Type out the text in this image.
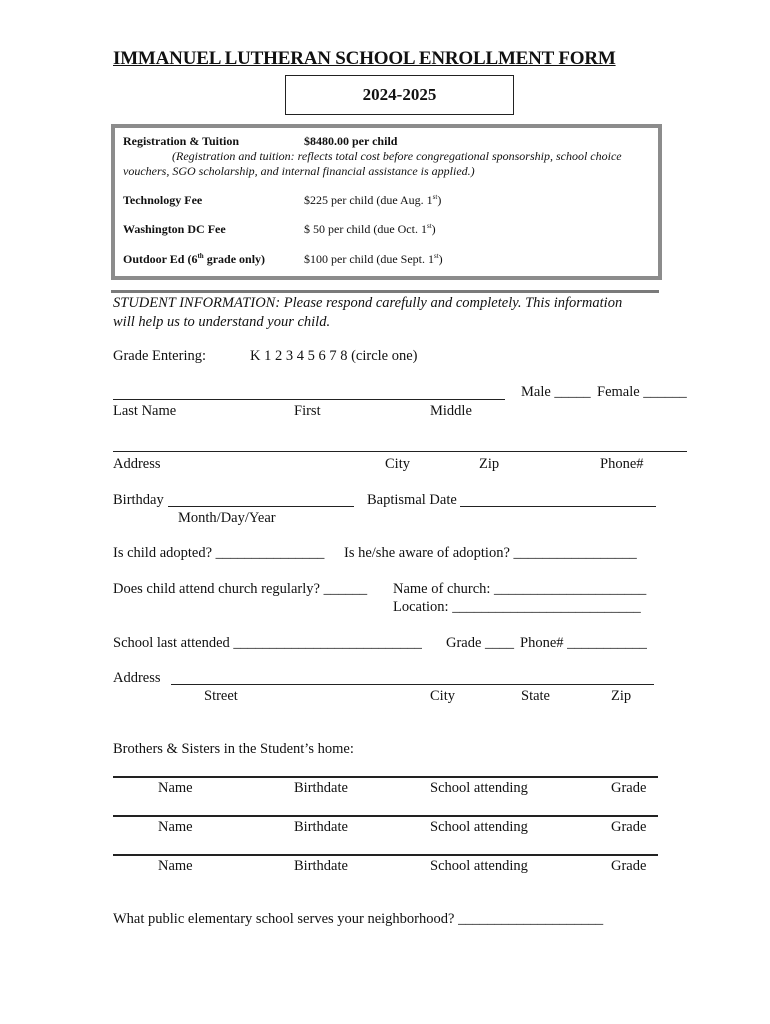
IMMANUEL LUTHERAN SCHOOL ENROLLMENT FORM
2024-2025
Registration & Tuition	$8480.00 per child
(Registration and tuition: reflects total cost before congregational sponsorship, school choice
vouchers, SGO scholarship, and internal financial assistance is applied.)
Technology Fee	$225 per child (due Aug. 1st)
Washington DC Fee	$ 50 per child (due Oct. 1st)
Outdoor Ed (6th grade only)	$100 per child (due Sept. 1st)
STUDENT INFORMATION: Please respond carefully and completely. This information
will help us to understand your child.
Grade Entering:	K 1 2 3 4 5 6 7 8 (circle one)
Male _____ Female ______
Last Name	First	Middle
Address	City	Zip	Phone#
Birthday	Baptismal Date
Month/Day/Year
Is child adopted? _______________ Is he/she aware of adoption? _________________
Does child attend church regularly? ______ Name of church: _____________________
Location: __________________________
School last attended __________________________ Grade ____ Phone# ___________
Address
Street	City	State	Zip
Brothers & Sisters in the Student’s home:
Name	Birthdate	School attending	Grade
Name	Birthdate	School attending	Grade
Name	Birthdate	School attending	Grade
What public elementary school serves your neighborhood? ____________________
